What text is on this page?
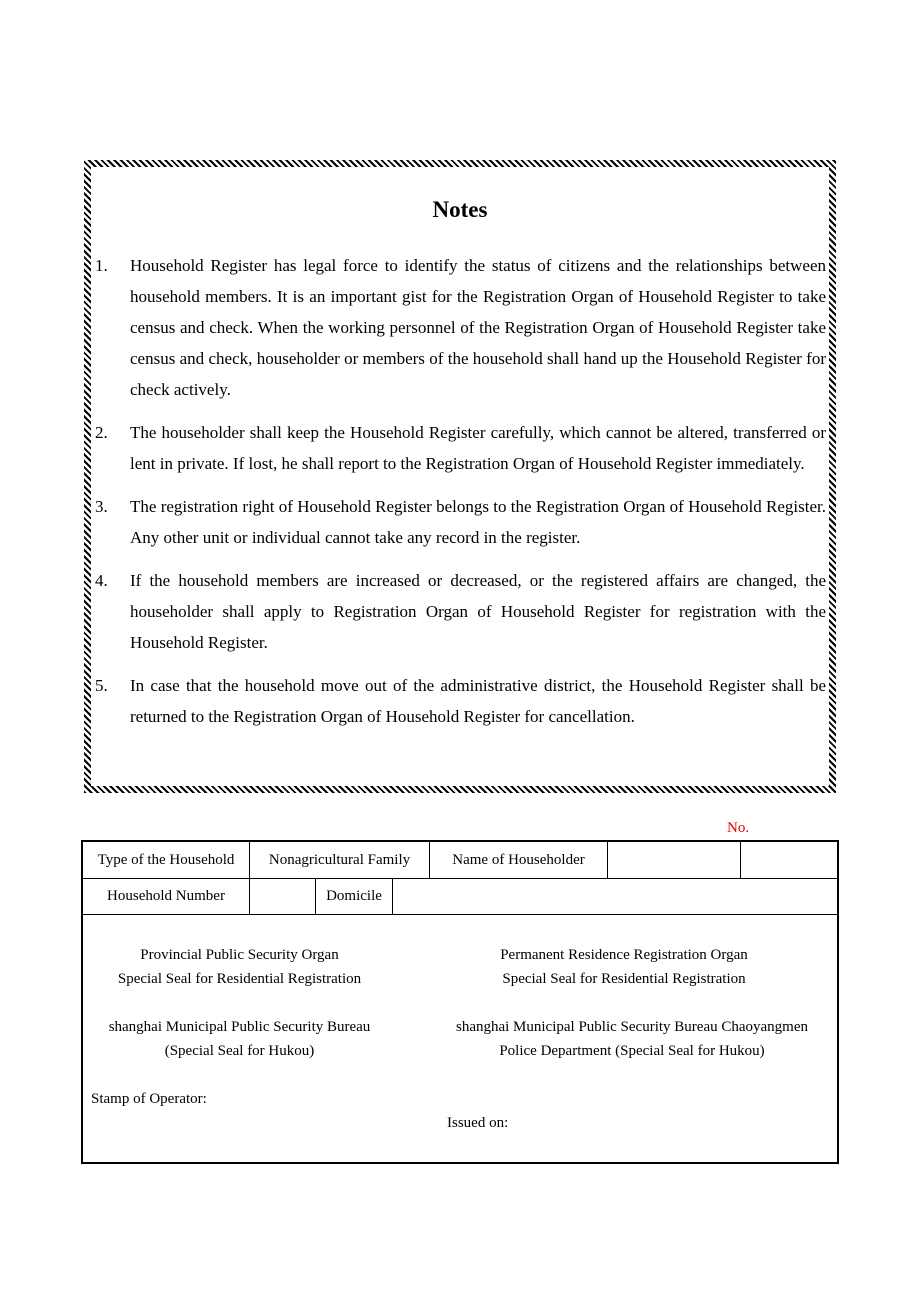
Notes
1.	Household Register has legal force to identify the status of citizens and the relationships between household members. It is an important gist for the Registration Organ of Household Register to take census and check. When the working personnel of the Registration Organ of Household Register take census and check, householder or members of the household shall hand up the Household Register for check actively.
2.	The householder shall keep the Household Register carefully, which cannot be altered, transferred or lent in private. If lost, he shall report to the Registration Organ of Household Register immediately.
3.	The registration right of Household Register belongs to the Registration Organ of Household Register. Any other unit or individual cannot take any record in the register.
4.	If the household members are increased or decreased, or the registered affairs are changed, the householder shall apply to Registration Organ of Household Register for registration with the Household Register.
5.	In case that the household move out of the administrative district, the Household Register shall be returned to the Registration Organ of Household Register for cancellation.
No.
Type of the Household	Nonagricultural Family	Name of Householder
Household Number	Domicile
Provincial Public Security Organ
Special Seal for Residential Registration
shanghai Municipal Public Security Bureau
(Special Seal for Hukou)
Permanent Residence Registration Organ
Special Seal for Residential Registration
shanghai Municipal Public Security Bureau Chaoyangmen
Police Department (Special Seal for Hukou)
Stamp of Operator:
Issued on:
